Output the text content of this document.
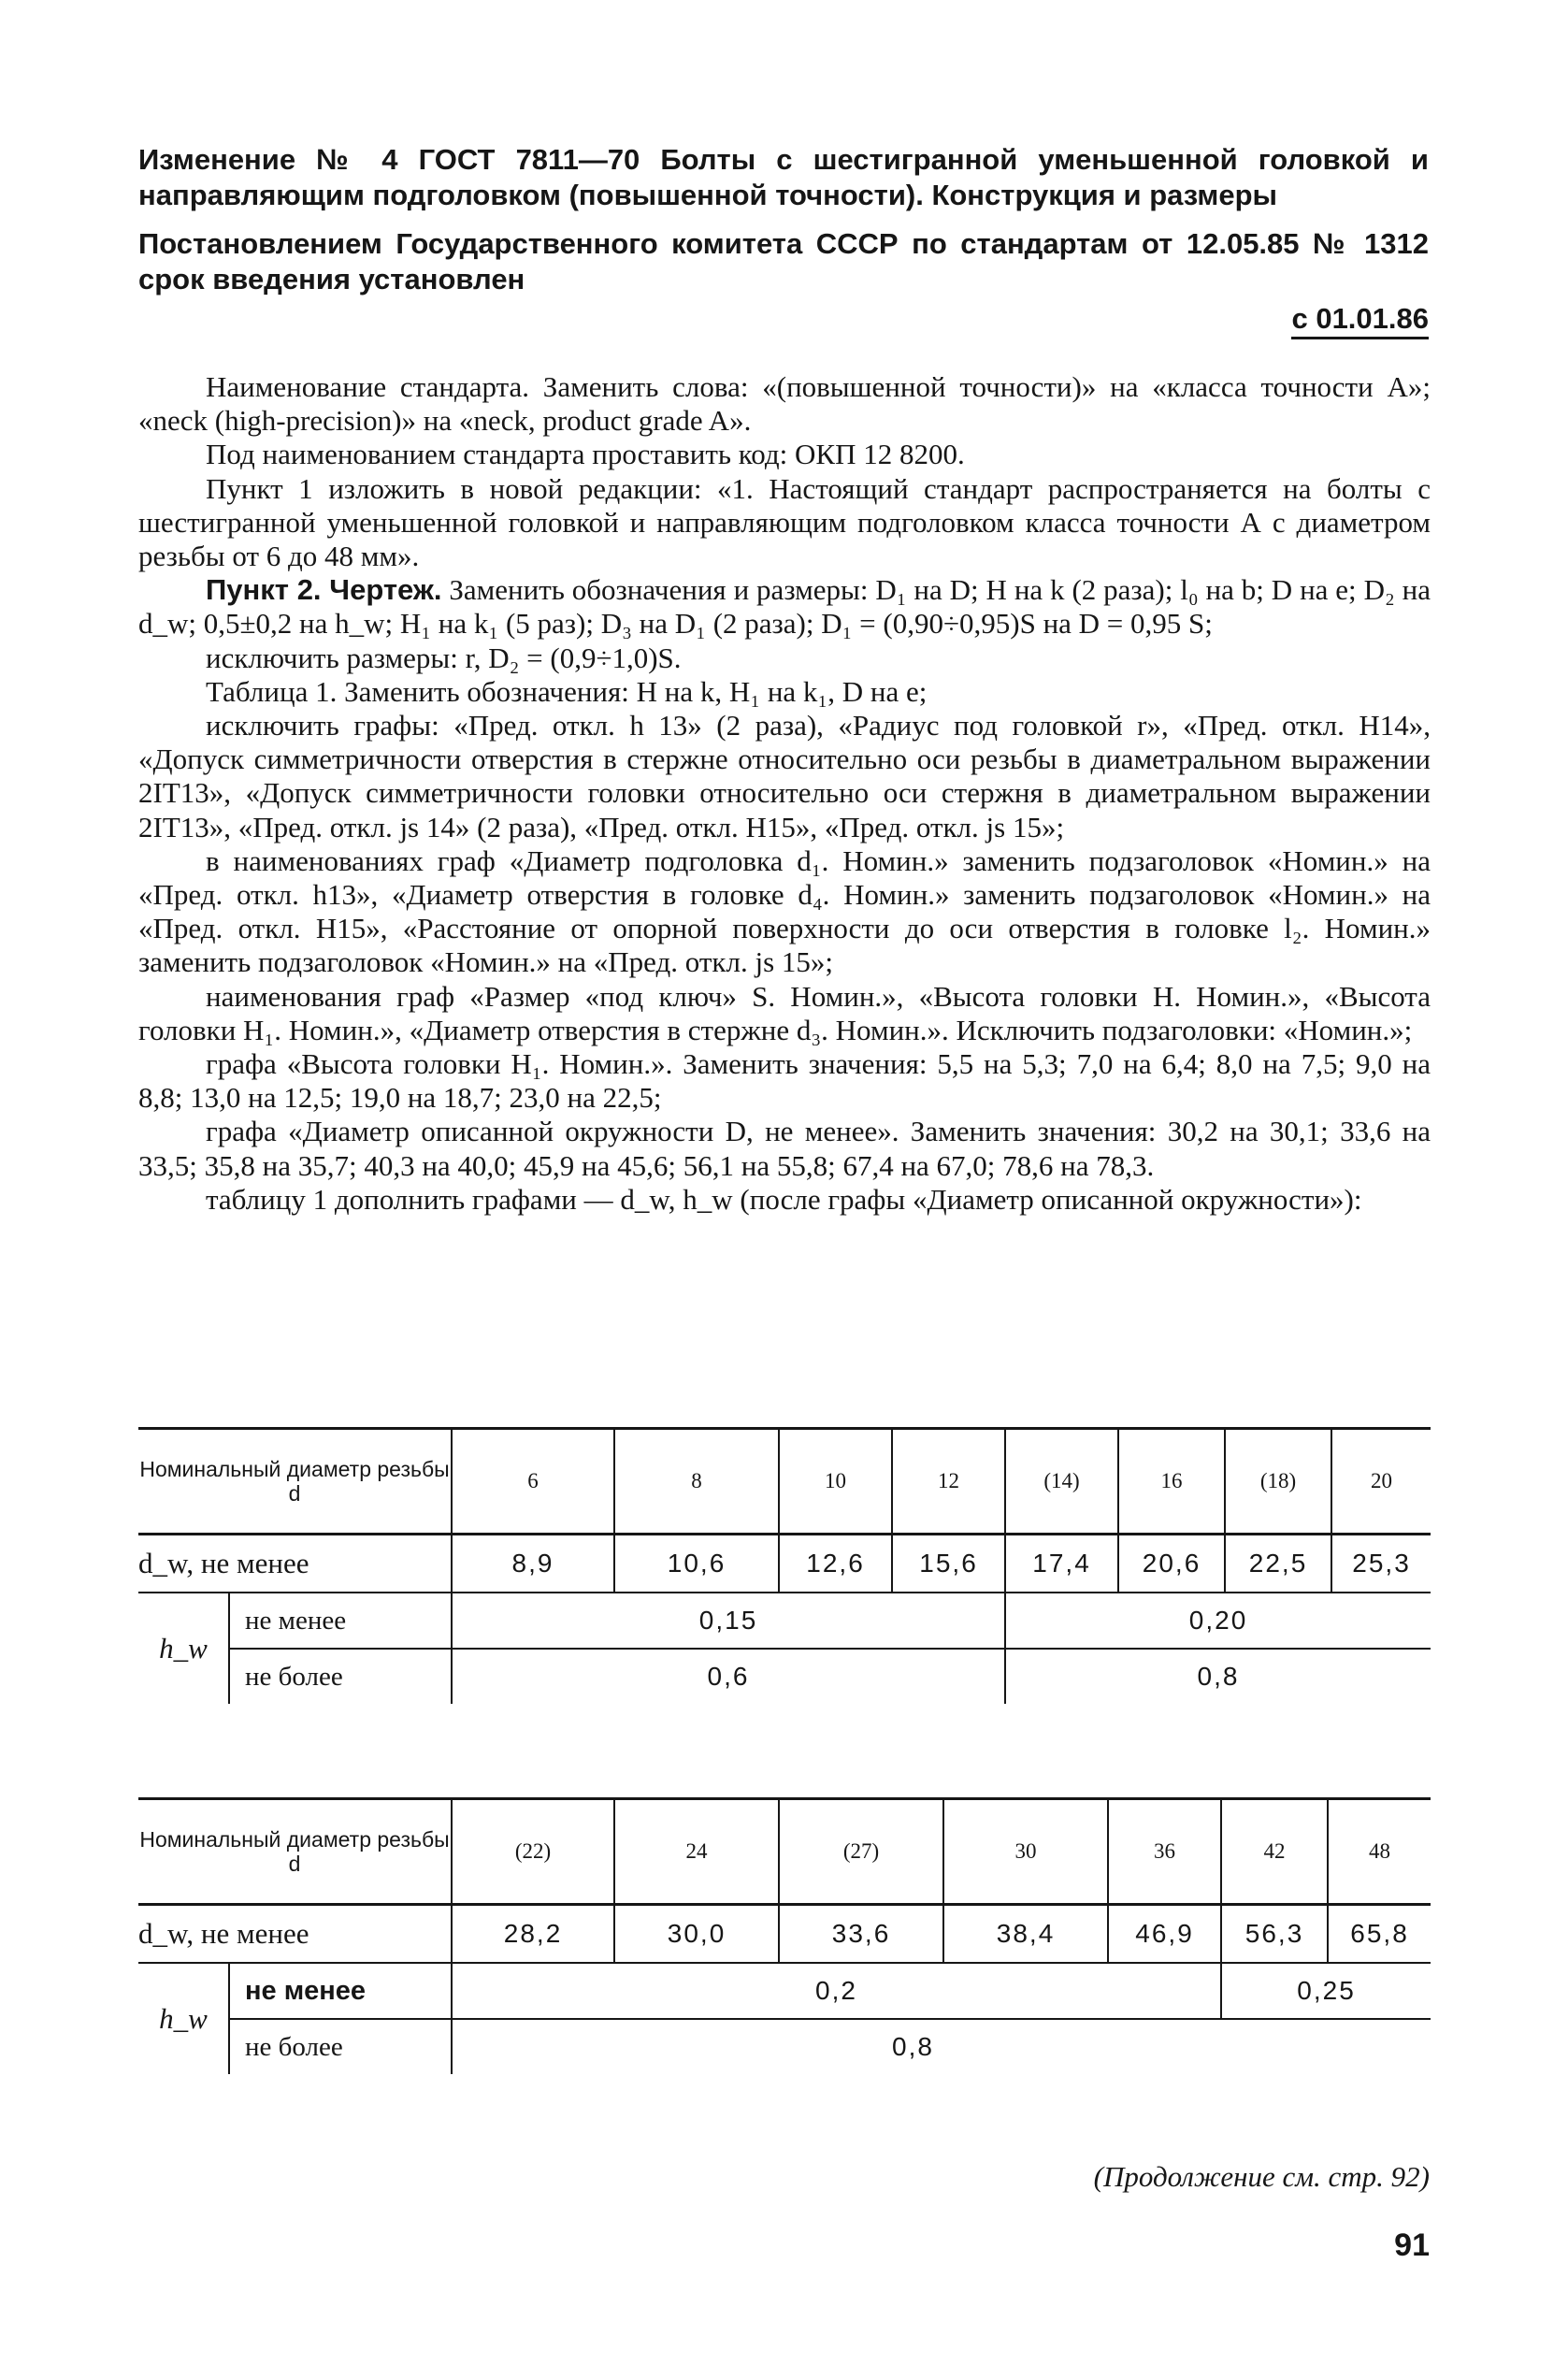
Изменение № 4 ГОСТ 7811—70 Болты с шестигранной уменьшенной головкой и направляющим подголовком (повышенной точности). Конструкция и размеры

Постановлением Государственного комитета СССР по стандартам от 12.05.85 № 1312 срок введения установлен

с 01.01.86

Наименование стандарта. Заменить слова: «(повышенной точности)» на «класса точности А»; «neck (high-precision)» на «neck, product grade A».

Под наименованием стандарта проставить код: ОКП 12 8200.

Пункт 1 изложить в новой редакции: «1. Настоящий стандарт распространяется на болты с шестигранной уменьшенной головкой и направляющим подголовком класса точности А с диаметром резьбы от 6 до 48 мм».

Пункт 2. Чертеж. Заменить обозначения и размеры: D₁ на D; H на k (2 раза); l₀ на b; D на e; D₂ на d_w; 0,5±0,2 на h_w; H₁ на k₁ (5 раз); D₃ на D₁ (2 раза); D₁ = (0,90÷0,95)S на D = 0,95 S;

исключить размеры: r, D₂ = (0,9÷1,0)S.

Таблица 1. Заменить обозначения: H на k, H₁ на k₁, D на e;

исключить графы: «Пред. откл. h 13» (2 раза), «Радиус под головкой r», «Пред. откл. H14», «Допуск симметричности отверстия в стержне относительно оси резьбы в диаметральном выражении 2IT13», «Допуск симметричности головки относительно оси стержня в диаметральном выражении 2IT13», «Пред. откл. js 14» (2 раза), «Пред. откл. H15», «Пред. откл. js 15»;

в наименованиях граф «Диаметр подголовка d₁. Номин.» заменить подзаголовок «Номин.» на «Пред. откл. h13», «Диаметр отверстия в головке d₄. Номин.» заменить подзаголовок «Номин.» на «Пред. откл. H15», «Расстояние от опорной поверхности до оси отверстия в головке l₂. Номин.» заменить подзаголовок «Номин.» на «Пред. откл. js 15»;

наименования граф «Размер «под ключ» S. Номин.», «Высота головки H. Номин.», «Высота головки H₁. Номин.», «Диаметр отверстия в стержне d₃. Номин.». Исключить подзаголовки: «Номин.»;

графа «Высота головки H₁. Номин.». Заменить значения: 5,5 на 5,3; 7,0 на 6,4; 8,0 на 7,5; 9,0 на 8,8; 13,0 на 12,5; 19,0 на 18,7; 23,0 на 22,5;

графа «Диаметр описанной окружности D, не менее». Заменить значения: 30,2 на 30,1; 33,6 на 33,5; 35,8 на 35,7; 40,3 на 40,0; 45,9 на 45,6; 56,1 на 55,8; 67,4 на 67,0; 78,6 на 78,3.

таблицу 1 дополнить графами — d_w, h_w (после графы «Диаметр описанной окружности»):

Номинальный диаметр резьбы d		6	8	10	12	(14)	16	(18)	20
d_w, не менее		8,9	10,6	12,6	15,6	17,4	20,6	22,5	25,3
h_w	не менее	0,15				0,20			
	не более	0,6				0,8			
Номинальный диаметр резьбы d		(22)	24	(27)	30	36	42	48
d_w, не менее		28,2	30,0	33,6	38,4	46,9	56,3	65,8
h_w	не менее	0,2					0,25	
	не более	0,8						
(Продолжение см. стр. 92)
91
